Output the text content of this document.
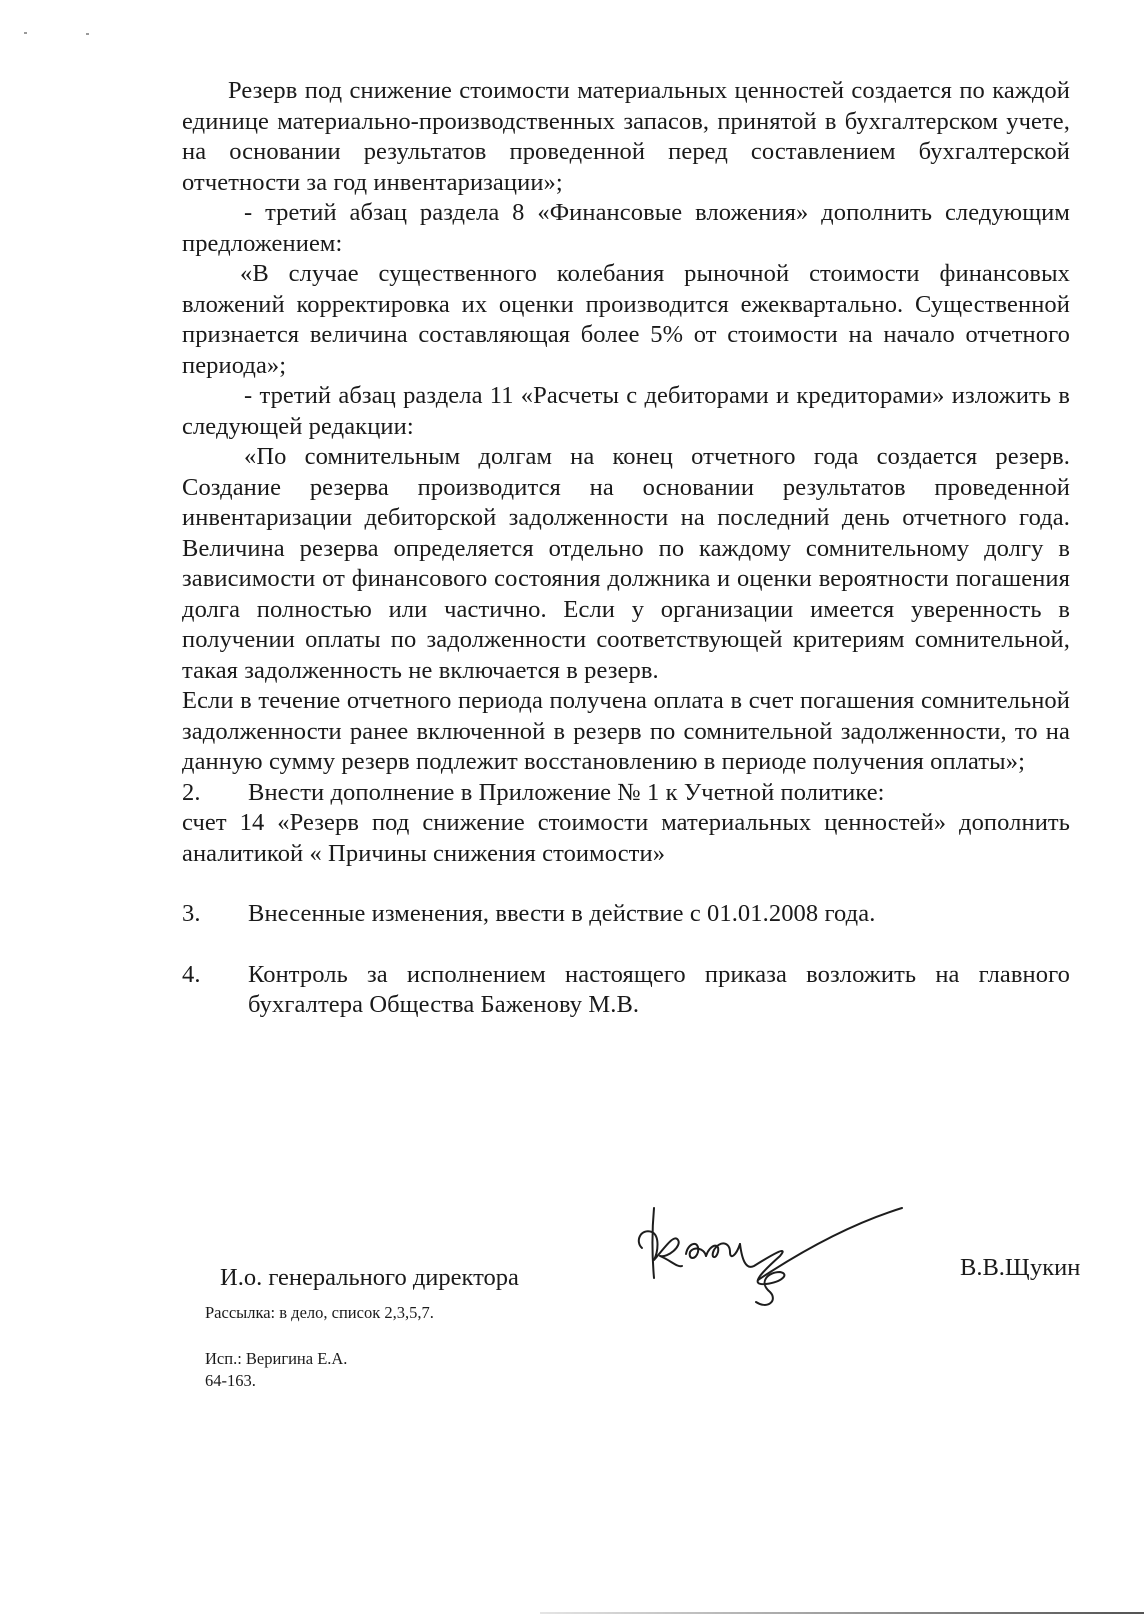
Резерв под снижение стоимости материальных ценностей создается по каждой единице материально-производственных запасов, принятой в бухгалтерском учете, на основании результатов проведенной перед составлением бухгалтерской отчетности за год инвентаризации»;

- третий абзац раздела 8 «Финансовые вложения» дополнить следующим предложением:

«В случае существенного колебания рыночной стоимости финансовых вложений корректировка их оценки производится ежеквартально. Существенной признается величина составляющая более 5% от стоимости на начало отчетного периода»;

- третий абзац раздела 11 «Расчеты с дебиторами и кредиторами» изложить в следующей редакции:

«По сомнительным долгам на конец отчетного года создается резерв. Создание резерва производится на основании результатов проведенной инвентаризации дебиторской задолженности на последний день отчетного года. Величина резерва определяется отдельно по каждому сомнительному долгу в зависимости от финансового состояния должника и оценки вероятности погашения долга полностью или частично. Если у организации имеется уверенность в получении оплаты по задолженности соответствующей критериям сомнительной, такая задолженность не включается в резерв.

Если в течение отчетного периода получена оплата в счет погашения сомнительной задолженности ранее включенной в резерв по сомнительной задолженности, то на данную сумму резерв подлежит восстановлению в периоде получения оплаты»;

2.	Внести дополнение в Приложение № 1 к Учетной политике:

счет 14 «Резерв под снижение стоимости материальных ценностей» дополнить аналитикой « Причины снижения стоимости»

3.	Внесенные изменения, ввести в действие с 01.01.2008 года.
4.	Контроль за исполнением настоящего приказа возложить на главного бухгалтера Общества Баженову М.В.
И.о. генерального директора	В.В.Щукин
Рассылка: в дело, список 2,3,5,7.
Исп.: Веригина Е.А.
64-163.
